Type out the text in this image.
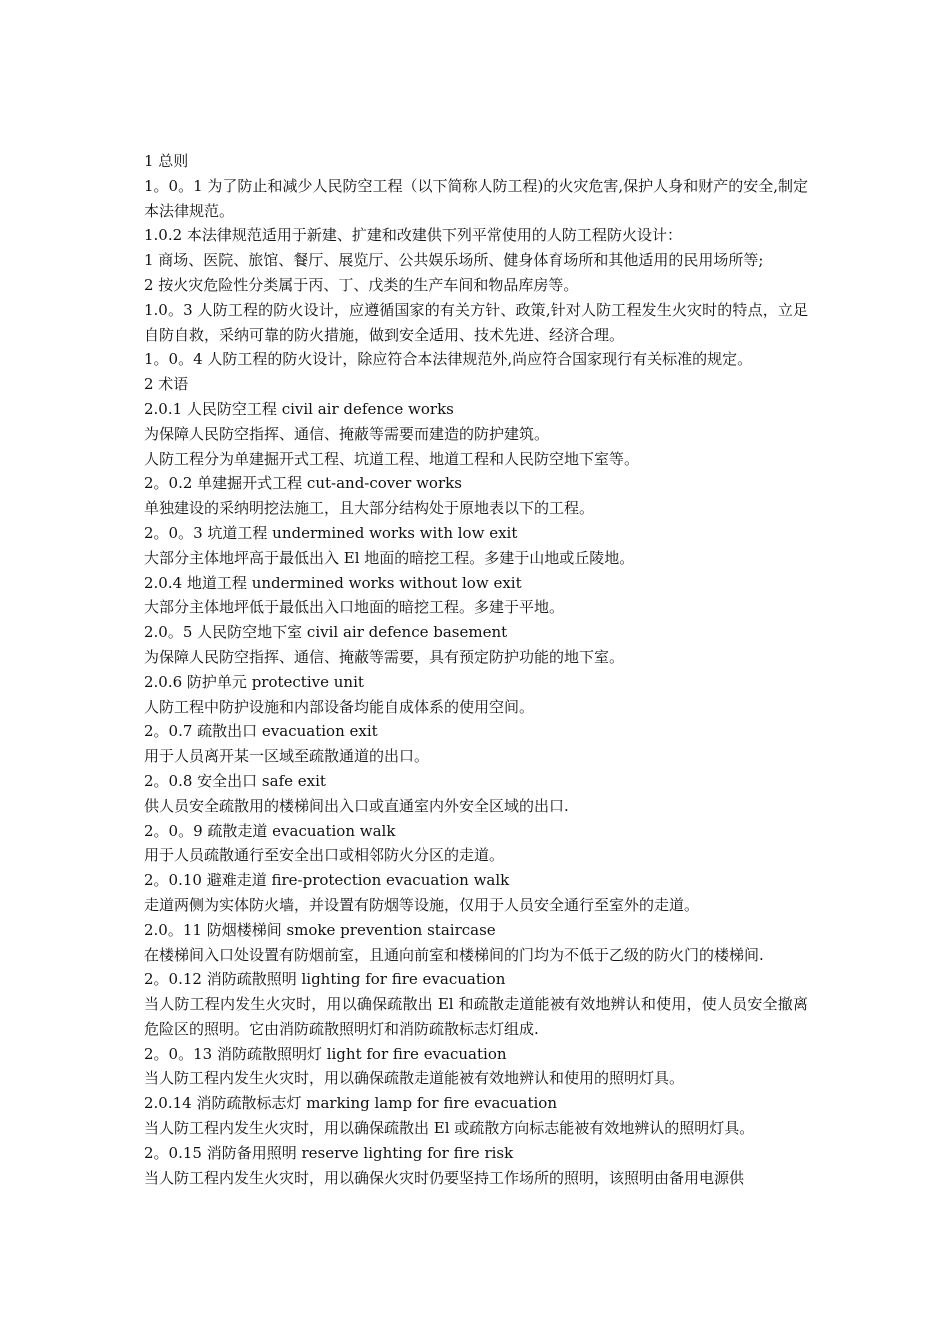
1 总则

1。0。1 为了防止和减少人民防空工程（以下简称人防工程)的火灾危害,保护人身和财产的安全,制定本法律规范。

1.0.2 本法律规范适用于新建、扩建和改建供下列平常使用的人防工程防火设计：

1 商场、医院、旅馆、餐厅、展览厅、公共娱乐场所、健身体育场所和其他适用的民用场所等;

2 按火灾危险性分类属于丙、丁、戊类的生产车间和物品库房等。

1.0。3 人防工程的防火设计，应遵循国家的有关方针、政策,针对人防工程发生火灾时的特点，立足自防自救，采纳可靠的防火措施，做到安全适用、技术先进、经济合理。

1。0。4 人防工程的防火设计，除应符合本法律规范外,尚应符合国家现行有关标准的规定。

2 术语

2.0.1 人民防空工程 civil air defence works

为保障人民防空指挥、通信、掩蔽等需要而建造的防护建筑。

人防工程分为单建掘开式工程、坑道工程、地道工程和人民防空地下室等。

2。0.2 单建掘开式工程 cut-and-cover works

单独建设的采纳明挖法施工，且大部分结构处于原地表以下的工程。

2。0。3 坑道工程 undermined works with low exit

大部分主体地坪高于最低出入 El 地面的暗挖工程。多建于山地或丘陵地。

2.0.4 地道工程 undermined works without low exit

大部分主体地坪低于最低出入口地面的暗挖工程。多建于平地。

2.0。5 人民防空地下室 civil air defence basement

为保障人民防空指挥、通信、掩蔽等需要，具有预定防护功能的地下室。

2.0.6 防护单元 protective unit

人防工程中防护设施和内部设备均能自成体系的使用空间。

2。0.7 疏散出口 evacuation exit

用于人员离开某一区域至疏散通道的出口。

2。0.8 安全出口 safe exit

供人员安全疏散用的楼梯间出入口或直通室内外安全区域的出口.

2。0。9 疏散走道 evacuation walk

用于人员疏散通行至安全出口或相邻防火分区的走道。

2。0.10 避难走道 fire-protection evacuation walk

走道两侧为实体防火墙，并设置有防烟等设施，仅用于人员安全通行至室外的走道。

2.0。11 防烟楼梯间 smoke prevention staircase

在楼梯间入口处设置有防烟前室，且通向前室和楼梯间的门均为不低于乙级的防火门的楼梯间.

2。0.12 消防疏散照明 lighting for fire evacuation

当人防工程内发生火灾时，用以确保疏散出 El 和疏散走道能被有效地辨认和使用，使人员安全撤离危险区的照明。它由消防疏散照明灯和消防疏散标志灯组成.

2。0。13 消防疏散照明灯 light for fire evacuation

当人防工程内发生火灾时，用以确保疏散走道能被有效地辨认和使用的照明灯具。

2.0.14 消防疏散标志灯 marking lamp for fire evacuation

当人防工程内发生火灾时，用以确保疏散出 El 或疏散方向标志能被有效地辨认的照明灯具。

2。0.15 消防备用照明 reserve lighting for fire risk

当人防工程内发生火灾时，用以确保火灾时仍要坚持工作场所的照明，该照明由备用电源供
